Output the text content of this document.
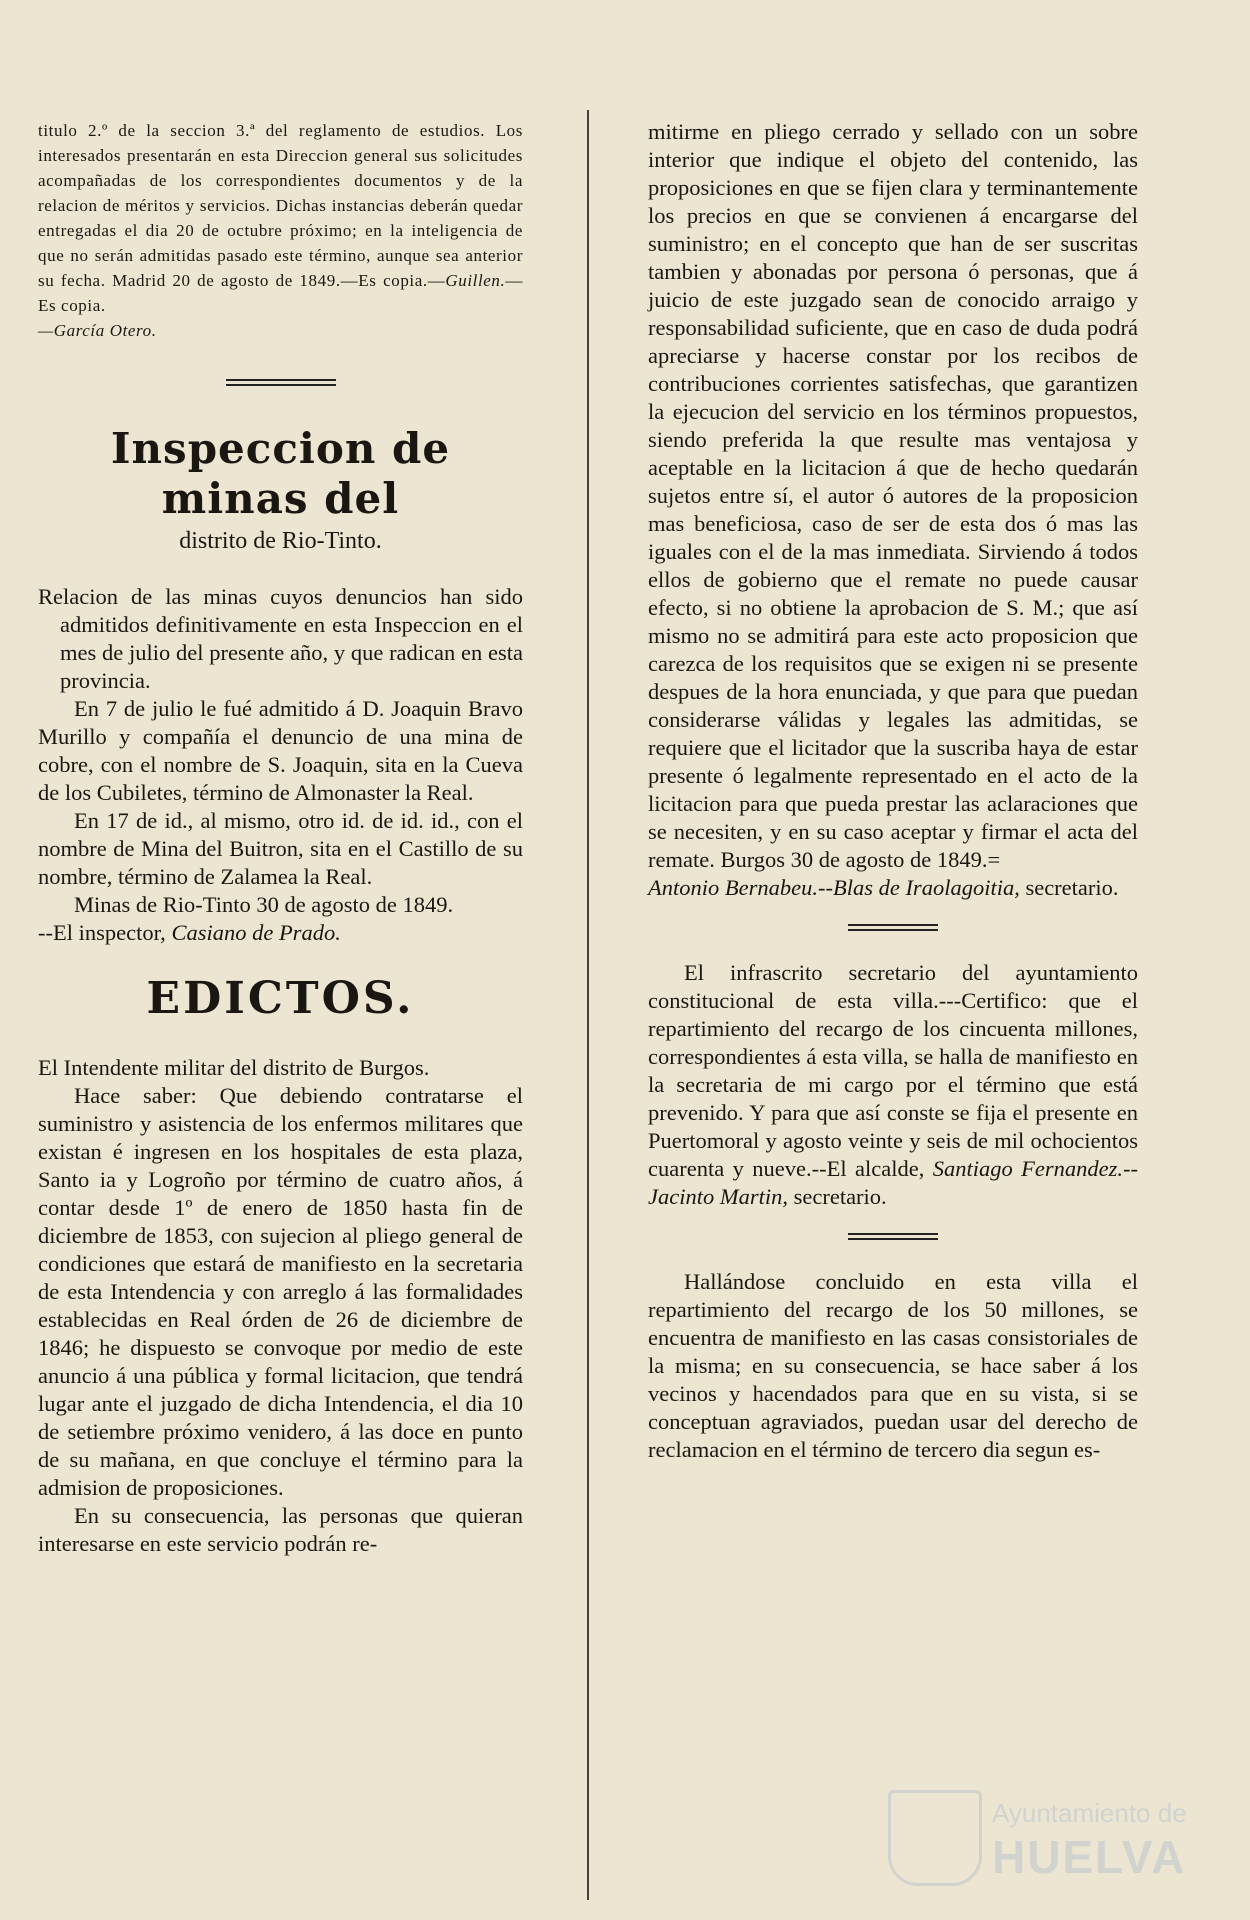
titulo 2.º de la seccion 3.ª del reglamento de estudios. Los interesados presentarán en esta Direccion general sus solicitudes acompañadas de los correspondientes documentos y de la relacion de méritos y servicios. Dichas instancias deberán quedar entregadas el dia 20 de octubre próximo; en la inteligencia de que no serán admitidas pasado este término, aunque sea anterior su fecha. Madrid 20 de agosto de 1849.—Es copia.—Guillen.—Es copia.
—García Otero.

Inspeccion de minas del
distrito de Rio-Tinto.

Relacion de las minas cuyos denuncios han sido admitidos definitivamente en esta Inspeccion en el mes de julio del presente año, y que radican en esta provincia.

En 7 de julio le fué admitido á D. Joaquin Bravo Murillo y compañía el denuncio de una mina de cobre, con el nombre de S. Joaquin, sita en la Cueva de los Cubiletes, término de Almonaster la Real.

En 17 de id., al mismo, otro id. de id. id., con el nombre de Mina del Buitron, sita en el Castillo de su nombre, término de Zalamea la Real.

Minas de Rio-Tinto 30 de agosto de 1849.

--El inspector, Casiano de Prado.

EDICTOS.

El Intendente militar del distrito de Burgos.

Hace saber: Que debiendo contratarse el suministro y asistencia de los enfermos militares que existan é ingresen en los hospitales de esta plaza, Santo ia y Logroño por término de cuatro años, á contar desde 1º de enero de 1850 hasta fin de diciembre de 1853, con sujecion al pliego general de condiciones que estará de manifiesto en la secretaria de esta Intendencia y con arreglo á las formalidades establecidas en Real órden de 26 de diciembre de 1846; he dispuesto se convoque por medio de este anuncio á una pública y formal licitacion, que tendrá lugar ante el juzgado de dicha Intendencia, el dia 10 de setiembre próximo venidero, á las doce en punto de su mañana, en que concluye el término para la admision de proposiciones.

En su consecuencia, las personas que quieran interesarse en este servicio podrán re-

mitirme en pliego cerrado y sellado con un sobre interior que indique el objeto del contenido, las proposiciones en que se fijen clara y terminantemente los precios en que se convienen á encargarse del suministro; en el concepto que han de ser suscritas tambien y abonadas por persona ó personas, que á juicio de este juzgado sean de conocido arraigo y responsabilidad suficiente, que en caso de duda podrá apreciarse y hacerse constar por los recibos de contribuciones corrientes satisfechas, que garantizen la ejecucion del servicio en los términos propuestos, siendo preferida la que resulte mas ventajosa y aceptable en la licitacion á que de hecho quedarán sujetos entre sí, el autor ó autores de la proposicion mas beneficiosa, caso de ser de esta dos ó mas las iguales con el de la mas inmediata. Sirviendo á todos ellos de gobierno que el remate no puede causar efecto, si no obtiene la aprobacion de S. M.; que así mismo no se admitirá para este acto proposicion que carezca de los requisitos que se exigen ni se presente despues de la hora enunciada, y que para que puedan considerarse válidas y legales las admitidas, se requiere que el licitador que la suscriba haya de estar presente ó legalmente representado en el acto de la licitacion para que pueda prestar las aclaraciones que se necesiten, y en su caso aceptar y firmar el acta del remate. Burgos 30 de agosto de 1849.=
Antonio Bernabeu.--Blas de Iraolagoitia, secretario.

El infrascrito secretario del ayuntamiento constitucional de esta villa.---Certifico: que el repartimiento del recargo de los cincuenta millones, correspondientes á esta villa, se halla de manifiesto en la secretaria de mi cargo por el término que está prevenido. Y para que así conste se fija el presente en Puertomoral y agosto veinte y seis de mil ochocientos cuarenta y nueve.--El alcalde, Santiago Fernandez.--Jacinto Martin, secretario.

Hallándose concluido en esta villa el repartimiento del recargo de los 50 millones, se encuentra de manifiesto en las casas consistoriales de la misma; en su consecuencia, se hace saber á los vecinos y hacendados para que en su vista, si se conceptuan agraviados, puedan usar del derecho de reclamacion en el término de tercero dia segun es-

Ayuntamiento de
HUELVA
